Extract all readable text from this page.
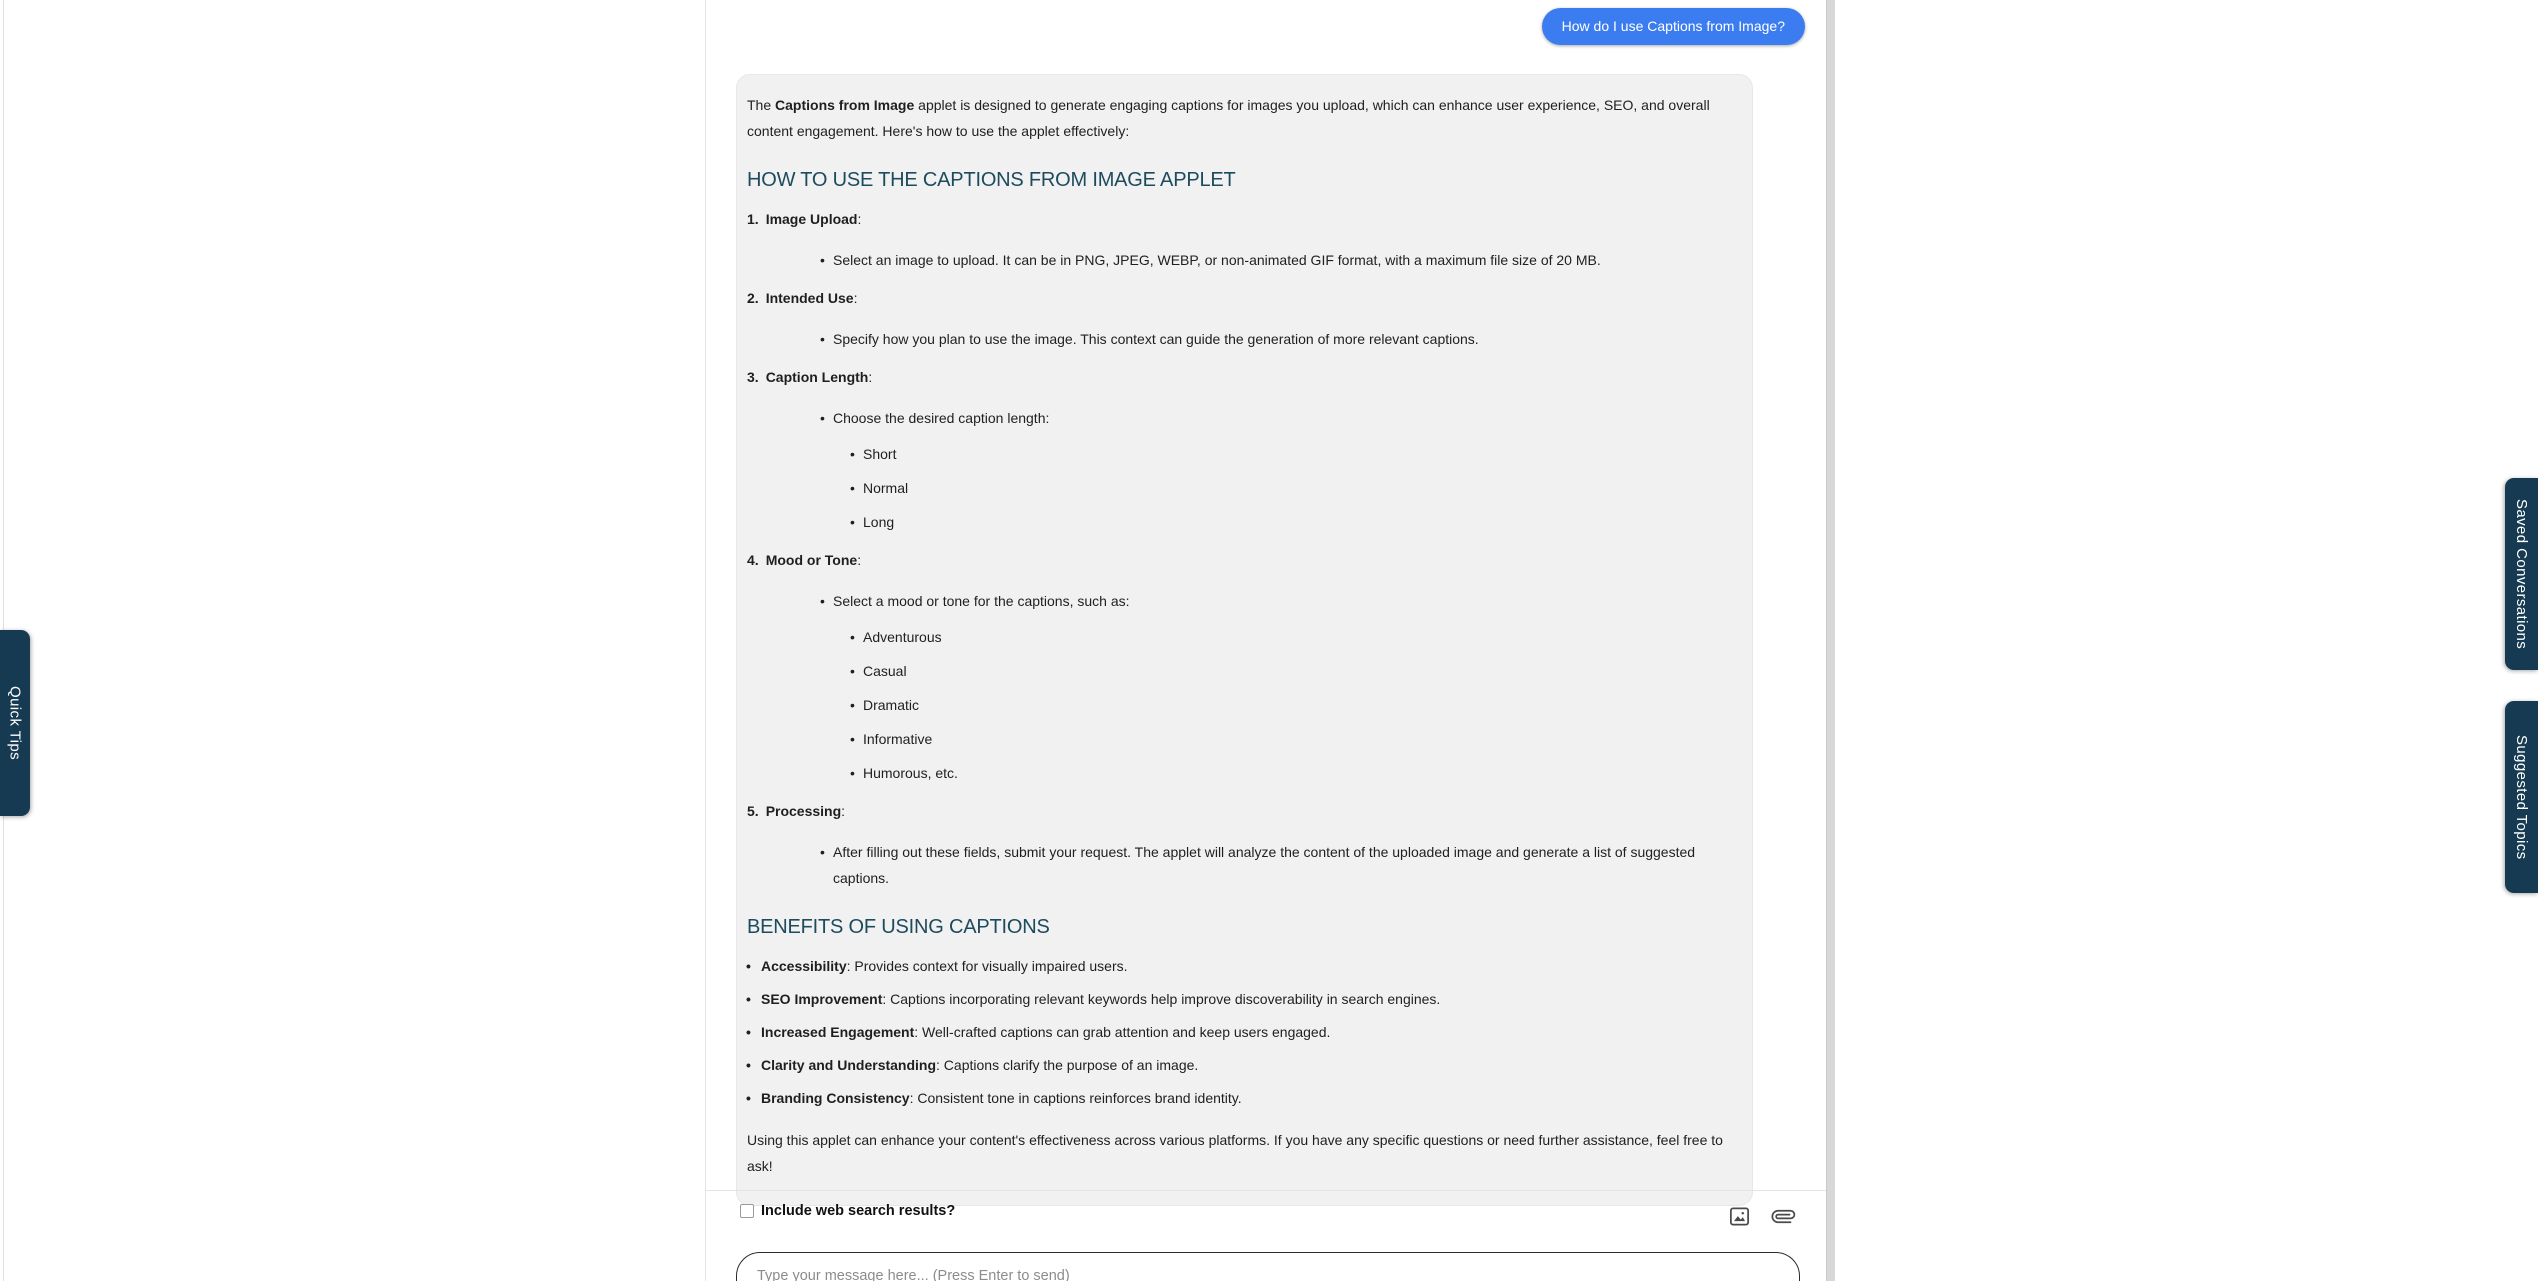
How do I use Captions from Image?

The Captions from Image applet is designed to generate engaging captions for images you upload, which can enhance user experience, SEO, and overall content engagement. Here's how to use the applet effectively:

HOW TO USE THE CAPTIONS FROM IMAGE APPLET
1. Image Upload:
• Select an image to upload. It can be in PNG, JPEG, WEBP, or non-animated GIF format, with a maximum file size of 20 MB.
2. Intended Use:
• Specify how you plan to use the image. This context can guide the generation of more relevant captions.
3. Caption Length:
• Choose the desired caption length:
• Short
• Normal
• Long
4. Mood or Tone:
• Select a mood or tone for the captions, such as:
• Adventurous
• Casual
• Dramatic
• Informative
• Humorous, etc.
5. Processing:
• After filling out these fields, submit your request. The applet will analyze the content of the uploaded image and generate a list of suggested captions.
BENEFITS OF USING CAPTIONS
• Accessibility: Provides context for visually impaired users.
• SEO Improvement: Captions incorporating relevant keywords help improve discoverability in search engines.
• Increased Engagement: Well-crafted captions can grab attention and keep users engaged.
• Clarity and Understanding: Captions clarify the purpose of an image.
• Branding Consistency: Consistent tone in captions reinforces brand identity.

Using this applet can enhance your content's effectiveness across various platforms. If you have any specific questions or need further assistance, feel free to ask!

Quick Tips
Saved Conversations
Suggested Topics
Include web search results?
Type your message here... (Press Enter to send)
